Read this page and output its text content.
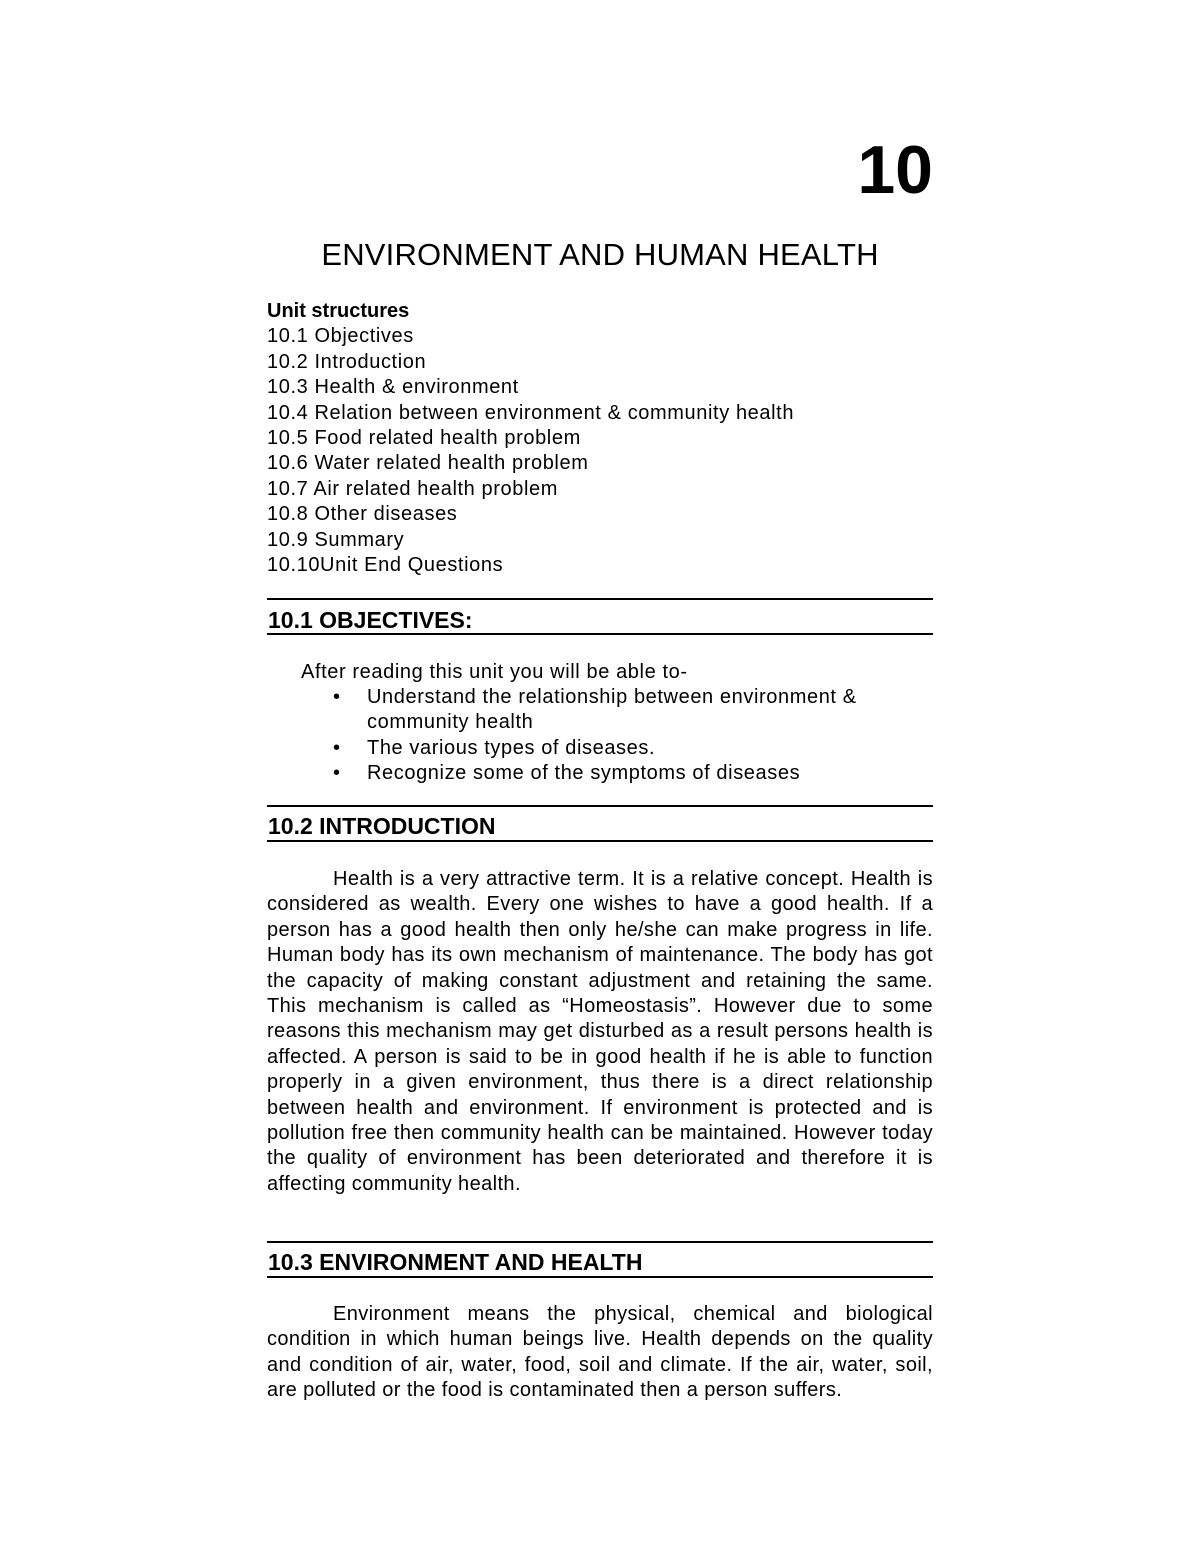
10
ENVIRONMENT AND HUMAN HEALTH
Unit structures
10.1 Objectives
10.2 Introduction
10.3 Health & environment
10.4 Relation between environment & community health
10.5 Food related health problem
10.6 Water related health problem
10.7 Air related health problem
10.8 Other diseases
10.9 Summary
10.10Unit End Questions
10.1 OBJECTIVES:
After reading this unit you will be able to-
• Understand the relationship between environment & community health
• The various types of diseases.
• Recognize some of the symptoms of diseases
10.2 INTRODUCTION

Health is a very attractive term. It is a relative concept. Health is considered as wealth. Every one wishes to have a good health. If a person has a good health then only he/she can make progress in life. Human body has its own mechanism of maintenance. The body has got the capacity of making constant adjustment and retaining the same. This mechanism is called as “Homeostasis”. However due to some reasons this mechanism may get disturbed as a result persons health is affected. A person is said to be in good health if he is able to function properly in a given environment, thus there is a direct relationship between health and environment. If environment is protected and is pollution free then community health can be maintained. However today the quality of environment has been deteriorated and therefore it is affecting community health.

10.3 ENVIRONMENT AND HEALTH

Environment means the physical, chemical and biological condition in which human beings live. Health depends on the quality and condition of air, water, food, soil and climate. If the air, water, soil, are polluted or the food is contaminated then a person suffers.
